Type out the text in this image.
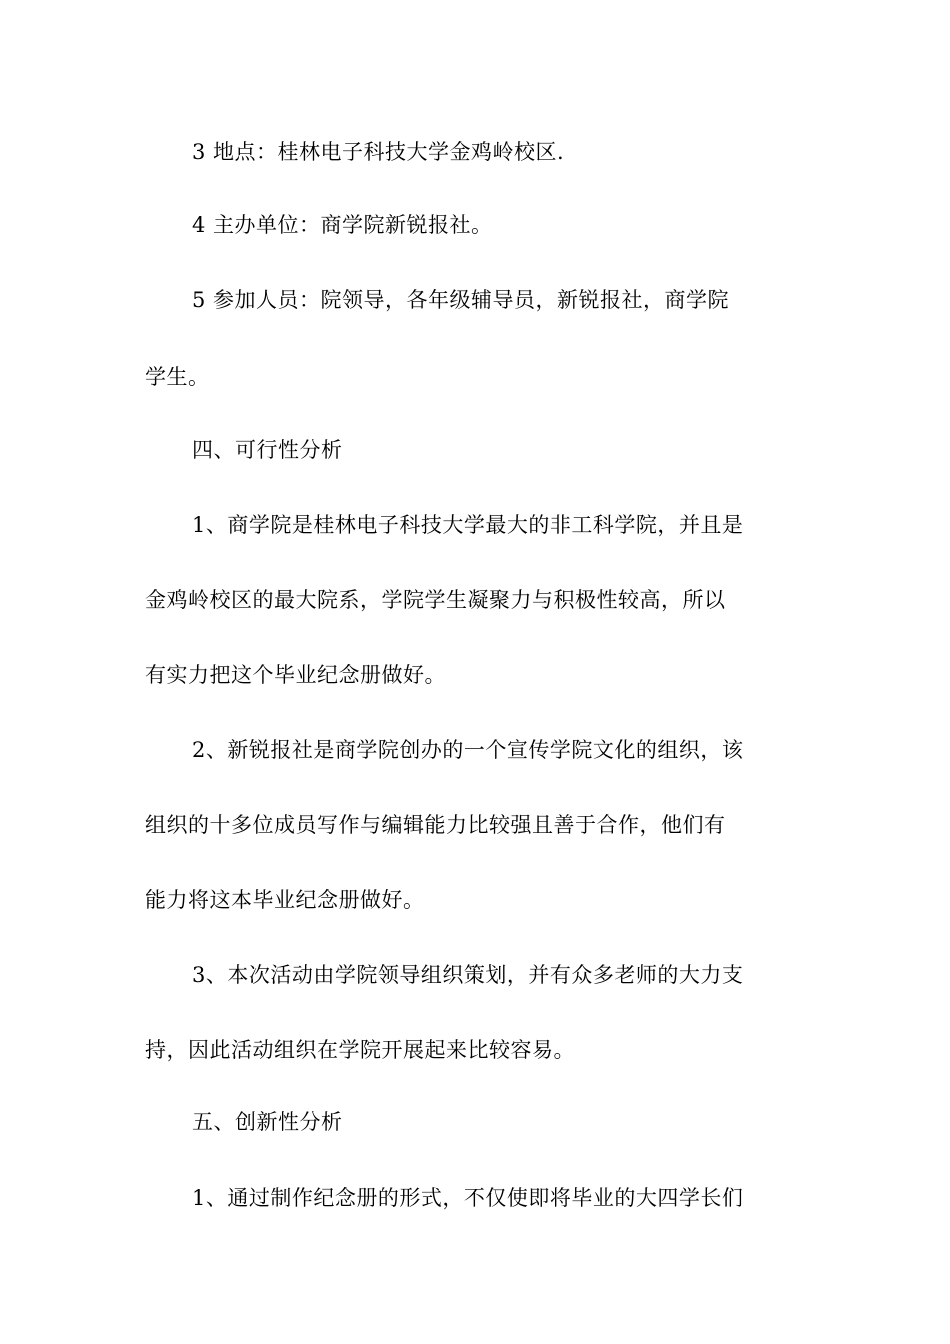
3 地点：桂林电子科技大学金鸡岭校区.
4 主办单位：商学院新锐报社。
5 参加人员：院领导，各年级辅导员，新锐报社，商学院
学生。
四、可行性分析
1、商学院是桂林电子科技大学最大的非工科学院，并且是
金鸡岭校区的最大院系，学院学生凝聚力与积极性较高，所以
有实力把这个毕业纪念册做好。
2、新锐报社是商学院创办的一个宣传学院文化的组织，该
组织的十多位成员写作与编辑能力比较强且善于合作，他们有
能力将这本毕业纪念册做好。
3、本次活动由学院领导组织策划，并有众多老师的大力支
持，因此活动组织在学院开展起来比较容易。
五、创新性分析
1、通过制作纪念册的形式，不仅使即将毕业的大四学长们
